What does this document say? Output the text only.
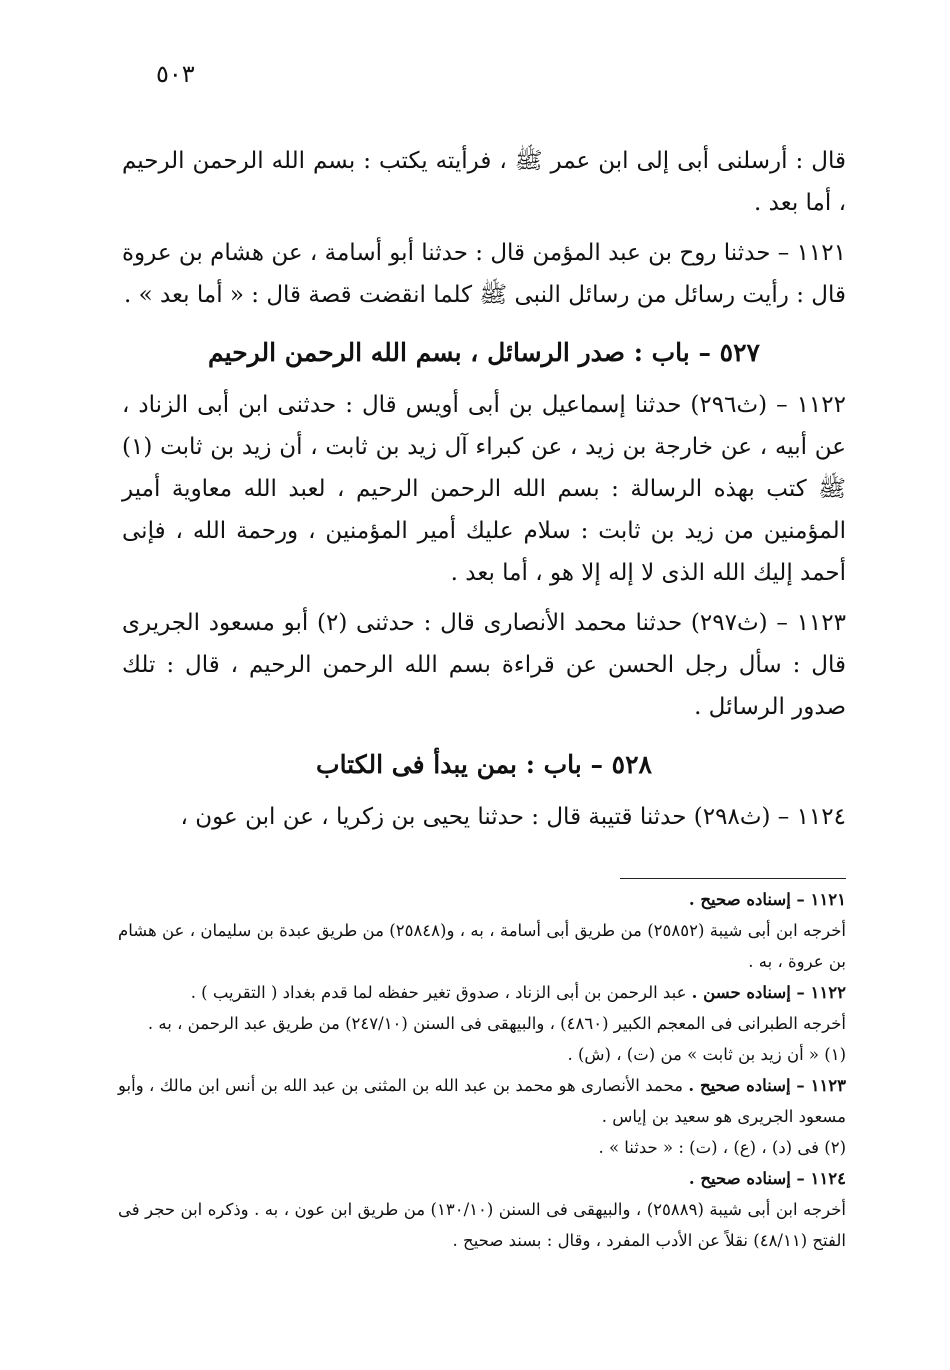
٥٠٣

قال : أرسلنى أبى إلى ابن عمر ﷺ ، فرأيته يكتب : بسم الله الرحمن الرحيم ، أما بعد .

١١٢١ – حدثنا روح بن عبد المؤمن قال : حدثنا أبو أسامة ، عن هشام بن عروة قال : رأيت رسائل من رسائل النبى ﷺ كلما انقضت قصة قال : « أما بعد » .

٥٢٧ – باب : صدر الرسائل ، بسم الله الرحمن الرحيم

١١٢٢ – (ث٢٩٦) حدثنا إسماعيل بن أبى أويس قال : حدثنى ابن أبى الزناد ، عن أبيه ، عن خارجة بن زيد ، عن كبراء آل زيد بن ثابت ، أن زيد بن ثابت (١) ﷺ كتب بهذه الرسالة : بسم الله الرحمن الرحيم ، لعبد الله معاوية أمير المؤمنين من زيد بن ثابت : سلام عليك أمير المؤمنين ، ورحمة الله ، فإنى أحمد إليك الله الذى لا إله إلا هو ، أما بعد .

١١٢٣ – (ث٢٩٧) حدثنا محمد الأنصارى قال : حدثنى (٢) أبو مسعود الجريرى قال : سأل رجل الحسن عن قراءة بسم الله الرحمن الرحيم ، قال : تلك صدور الرسائل .

٥٢٨ – باب : بمن يبدأ فى الكتاب

١١٢٤ – (ث٢٩٨) حدثنا قتيبة قال : حدثنا يحيى بن زكريا ، عن ابن عون ،

١١٢١ – إسناده صحيح .

أخرجه ابن أبى شيبة (٢٥٨٥٢) من طريق أبى أسامة ، به ، و(٢٥٨٤٨) من طريق عبدة بن سليمان ، عن هشام بن عروة ، به .

١١٢٢ – إسناده حسن . عبد الرحمن بن أبى الزناد ، صدوق تغير حفظه لما قدم بغداد ( التقريب ) .

أخرجه الطبرانى فى المعجم الكبير (٤٨٦٠) ، والبيهقى فى السنن (٢٤٧/١٠) من طريق عبد الرحمن ، به .

(١) « أن زيد بن ثابت » من (ت) ، (ش) .

١١٢٣ – إسناده صحيح . محمد الأنصارى هو محمد بن عبد الله بن المثنى بن عبد الله بن أنس ابن مالك ، وأبو مسعود الجريرى هو سعيد بن إياس .

(٢) فى (د) ، (ع) ، (ت) : « حدثنا » .

١١٢٤ – إسناده صحيح .

أخرجه ابن أبى شيبة (٢٥٨٨٩) ، والبيهقى فى السنن (١٣٠/١٠) من طريق ابن عون ، به . وذكره ابن حجر فى الفتح (٤٨/١١) نقلاً عن الأدب المفرد ، وقال : بسند صحيح .
